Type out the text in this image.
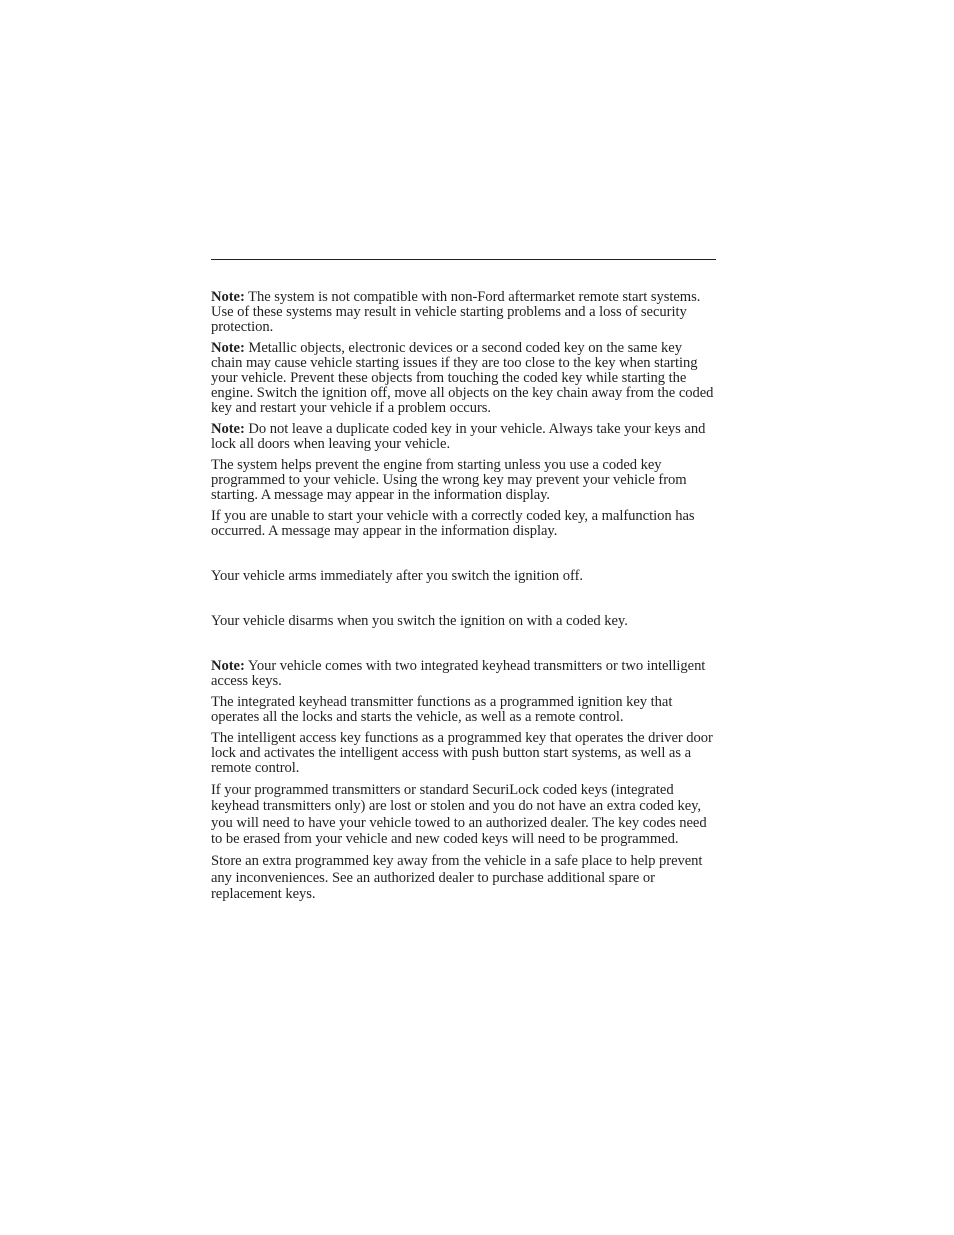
Note: The system is not compatible with non-Ford aftermarket remote start systems. Use of these systems may result in vehicle starting problems and a loss of security protection.

Note: Metallic objects, electronic devices or a second coded key on the same key chain may cause vehicle starting issues if they are too close to the key when starting your vehicle. Prevent these objects from touching the coded key while starting the engine. Switch the ignition off, move all objects on the key chain away from the coded key and restart your vehicle if a problem occurs.

Note: Do not leave a duplicate coded key in your vehicle. Always take your keys and lock all doors when leaving your vehicle.

The system helps prevent the engine from starting unless you use a coded key programmed to your vehicle. Using the wrong key may prevent your vehicle from starting. A message may appear in the information display.

If you are unable to start your vehicle with a correctly coded key, a malfunction has occurred. A message may appear in the information display.

Your vehicle arms immediately after you switch the ignition off.

Your vehicle disarms when you switch the ignition on with a coded key.

Note: Your vehicle comes with two integrated keyhead transmitters or two intelligent access keys.

The integrated keyhead transmitter functions as a programmed ignition key that operates all the locks and starts the vehicle, as well as a remote control.

The intelligent access key functions as a programmed key that operates the driver door lock and activates the intelligent access with push button start systems, as well as a remote control.

If your programmed transmitters or standard SecuriLock coded keys (integrated keyhead transmitters only) are lost or stolen and you do not have an extra coded key, you will need to have your vehicle towed to an authorized dealer. The key codes need to be erased from your vehicle and new coded keys will need to be programmed.

Store an extra programmed key away from the vehicle in a safe place to help prevent any inconveniences. See an authorized dealer to purchase additional spare or replacement keys.
